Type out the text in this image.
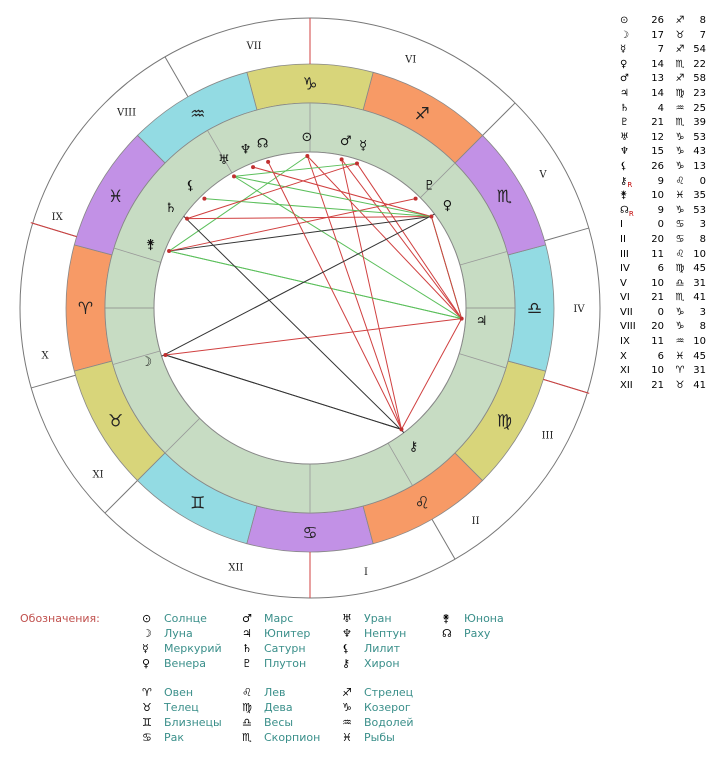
I
II
III
IV
V
VI
VII
VIII
IX
X
XI
XII
♈
♉
♊
♋
♌
♍
♎
♏
♐
♑
♒
♓
⊙ ♂ ☿
♀
♇
♃
⚷
☽
♅
♆ ☊
⚸
♄
⚵
⊙	26	♐	8
☽	17	♉	7
☿	7	♐ 54
♀	14	♏ 22
♂	13	♐ 58
♃	14	♍ 23
♄	4	♒ 25
♇	21	♏ 39
♅	12	♑ 53
♆	15	♑ 43
⚸	26	♑ 13
$⚷_R$	9	♌	0
⚵	10	♓ 35
$☊_R$	9	♑ 53
I	0	♋	3
II	20	♋	8
III	11	♌ 10
IV	6	♍ 45
V	10	♎ 31
VI	21	♏ 41
VII	0	♑	3
VIII	20	♑	8
IX	11	♒ 10
X	6	♓ 45
XI	10	♈ 31
XII	21	♉ 41
Обозначения:	⊙ Солнце
☽ Луна
☿ Меркурий
♀ Венера
♂ Марс
♃ Юпитер
♄ Сатурн
♇ Плутон
♅ Уран
♆ Нептун
⚸ Лилит
⚷ Хирон
⚵ Юнона
☊ Раху
♈ Овен
♉ Телец
♊ Близнецы
♋ Рак
♌ Лев
♍ Дева
♎ Весы
♏ Скорпион
♐ Стрелец
♑ Козерог
♒ Водолей
♓ Рыбы
